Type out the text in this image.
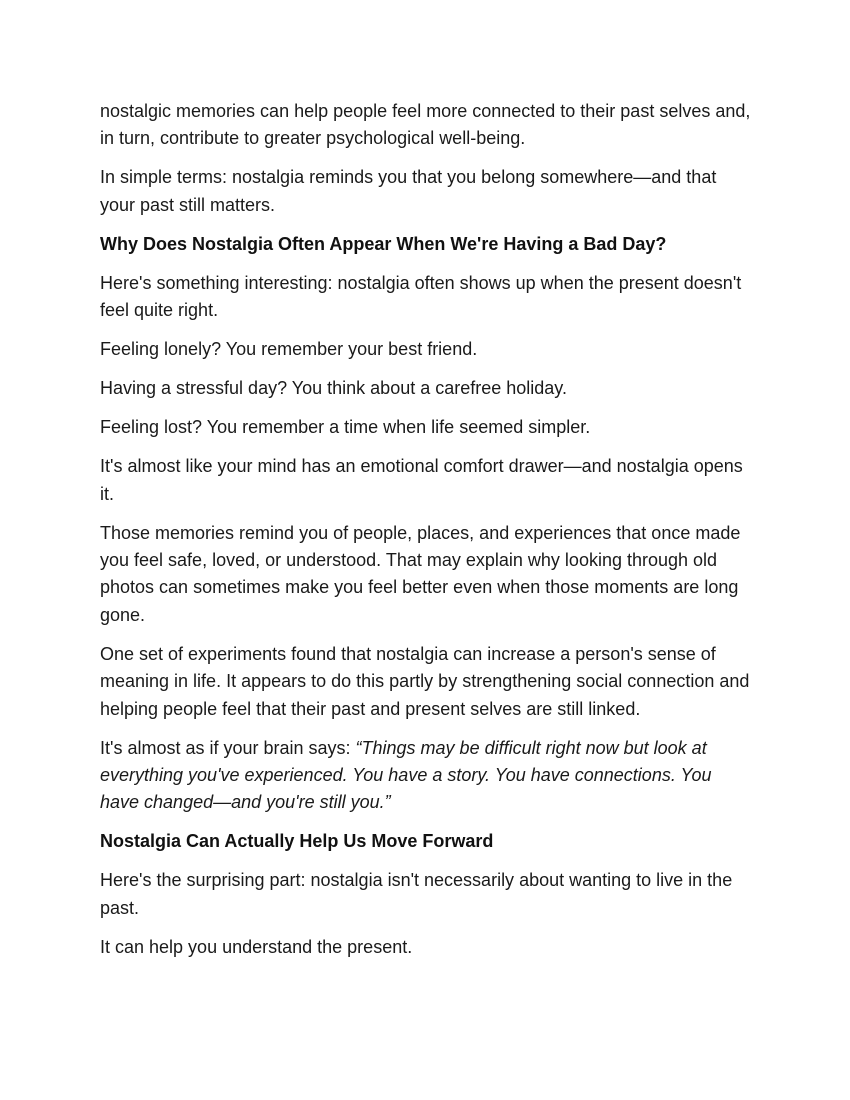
nostalgic memories can help people feel more connected to their past selves and, in turn, contribute to greater psychological well-being.

In simple terms: nostalgia reminds you that you belong somewhere—and that your past still matters.

Why Does Nostalgia Often Appear When We're Having a Bad Day?

Here's something interesting: nostalgia often shows up when the present doesn't feel quite right.

Feeling lonely? You remember your best friend.

Having a stressful day? You think about a carefree holiday.

Feeling lost? You remember a time when life seemed simpler.

It's almost like your mind has an emotional comfort drawer—and nostalgia opens it.

Those memories remind you of people, places, and experiences that once made you feel safe, loved, or understood. That may explain why looking through old photos can sometimes make you feel better even when those moments are long gone.

One set of experiments found that nostalgia can increase a person's sense of meaning in life. It appears to do this partly by strengthening social connection and helping people feel that their past and present selves are still linked.

It's almost as if your brain says: “Things may be difficult right now but look at everything you've experienced. You have a story. You have connections. You have changed—and you're still you.”

Nostalgia Can Actually Help Us Move Forward

Here's the surprising part: nostalgia isn't necessarily about wanting to live in the past.

It can help you understand the present.
